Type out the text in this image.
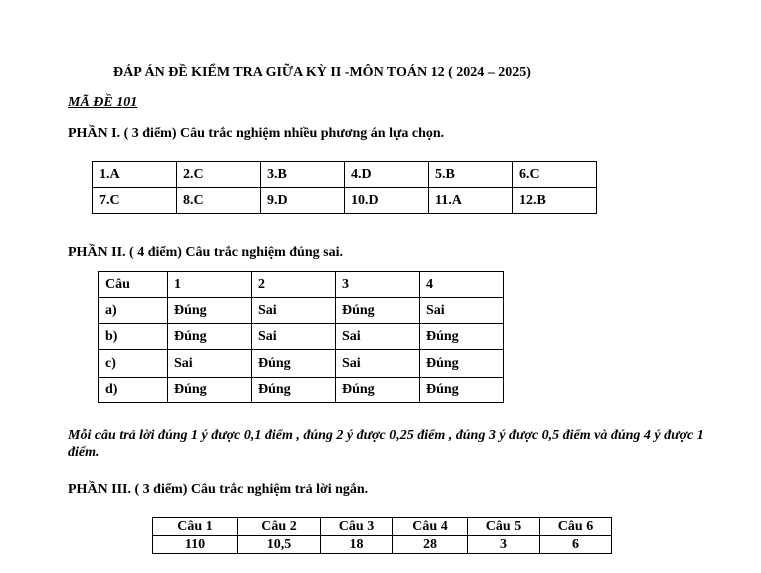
ĐÁP ÁN ĐỀ KIỂM TRA GIỮA KỲ II -MÔN TOÁN 12 ( 2024 – 2025)
MÃ ĐỀ 101
PHẦN I. ( 3 điểm) Câu trắc nghiệm nhiều phương án lựa chọn.
1.A	2.C	3.B	4.D	5.B	6.C
7.C	8.C	9.D	10.D	11.A	12.B
PHẦN II. ( 4 điểm) Câu trắc nghiệm đúng sai.
Câu	1	2	3	4
a)	Đúng	Sai	Đúng	Sai
b)	Đúng	Sai	Sai	Đúng
c)	Sai	Đúng	Sai	Đúng
d)	Đúng	Đúng	Đúng	Đúng
Mỗi câu trả lời đúng 1 ý được 0,1 điểm , đúng 2 ý được 0,25 điểm , đúng 3 ý được 0,5 điểm và đúng 4 ý được 1 điểm.
PHẦN III. ( 3 điểm) Câu trắc nghiệm trả lời ngắn.
Câu 1	Câu 2	Câu 3	Câu 4	Câu 5	Câu 6
110	10,5	18	28	3	6
